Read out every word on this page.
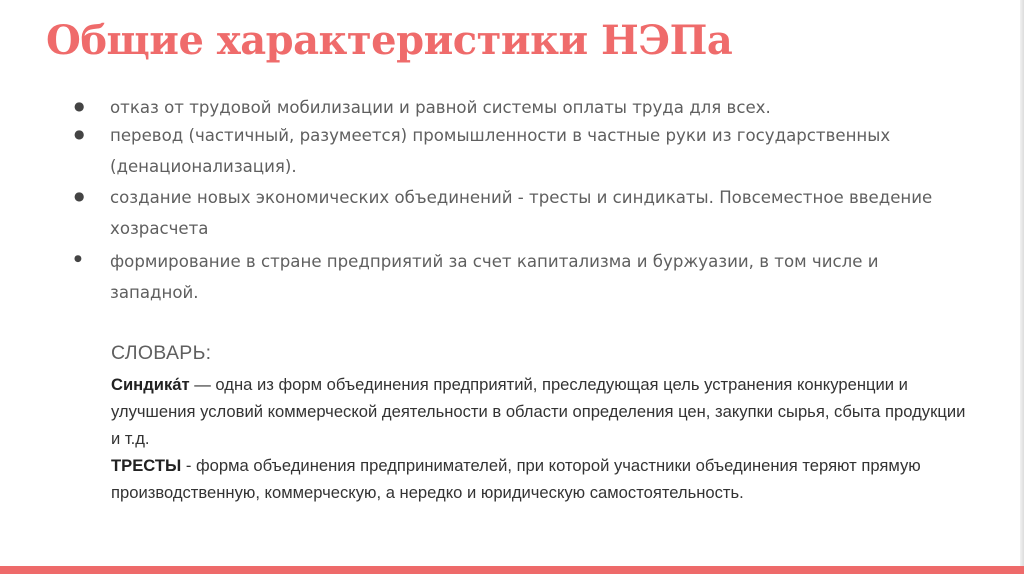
Общие характеристики НЭПа
● отказ от трудовой мобилизации и равной системы оплаты труда для всех.
● перевод (частичный, разумеется) промышленности в частные руки из государственных (денационализация).
● создание новых экономических объединений - тресты и синдикаты. Повсеместное введение хозрасчета
● формирование в стране предприятий за счет капитализма и буржуазии, в том числе и западной.
СЛОВАРЬ:
Синдика́т — одна из форм объединения предприятий, преследующая цель устранения конкуренции и улучшения условий коммерческой деятельности в области определения цен, закупки сырья, сбыта продукции и т.д.
ТРЕСТЫ - форма объединения предпринимателей, при которой участники объединения теряют прямую производственную, коммерческую, а нередко и юридическую самостоятельность.
